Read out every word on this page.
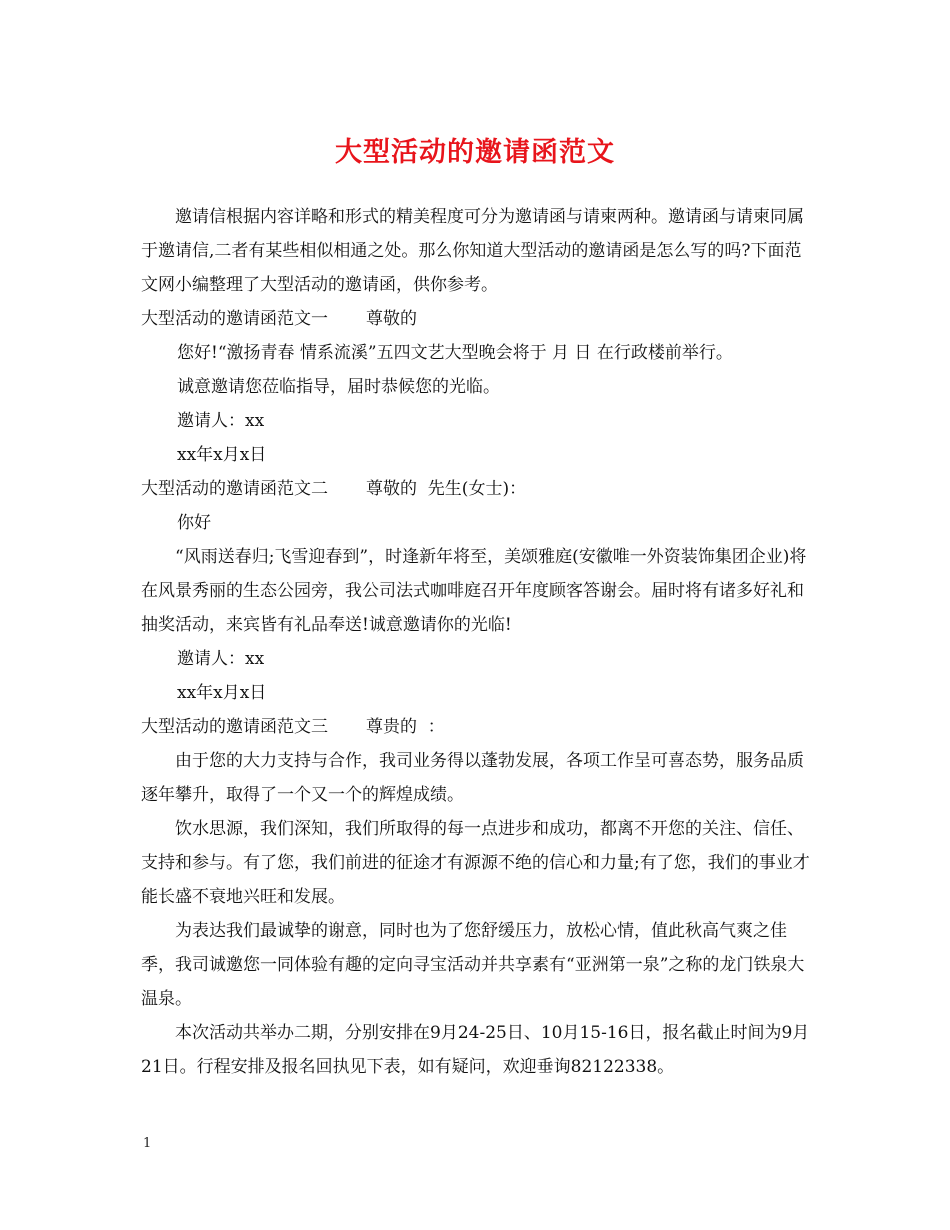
大型活动的邀请函范文

邀请信根据内容详略和形式的精美程度可分为邀请函与请柬两种。邀请函与请柬同属于邀请信,二者有某些相似相通之处。那么你知道大型活动的邀请函是怎么写的吗?下面范文网小编整理了大型活动的邀请函，供你参考。

大型活动的邀请函范文一 尊敬的

您好!“激扬青春 情系流溪”五四文艺大型晚会将于 月 日 在行政楼前举行。

诚意邀请您莅临指导，届时恭候您的光临。

邀请人：xx

xx年x月x日

大型活动的邀请函范文二 尊敬的  先生(女士)：

你好

“风雨送春归;飞雪迎春到”，时逢新年将至，美颂雅庭(安徽唯一外资装饰集团企业)将在风景秀丽的生态公园旁，我公司法式咖啡庭召开年度顾客答谢会。届时将有诸多好礼和抽奖活动，来宾皆有礼品奉送!诚意邀请你的光临!

邀请人：xx

xx年x月x日

大型活动的邀请函范文三 尊贵的  ：

由于您的大力支持与合作，我司业务得以蓬勃发展，各项工作呈可喜态势，服务品质逐年攀升，取得了一个又一个的辉煌成绩。

饮水思源，我们深知，我们所取得的每一点进步和成功，都离不开您的关注、信任、支持和参与。有了您，我们前进的征途才有源源不绝的信心和力量;有了您，我们的事业才能长盛不衰地兴旺和发展。

为表达我们最诚挚的谢意，同时也为了您舒缓压力，放松心情，值此秋高气爽之佳季，我司诚邀您一同体验有趣的定向寻宝活动并共享素有“亚洲第一泉”之称的龙门铁泉大温泉。

本次活动共举办二期，分别安排在9月24-25日、10月15-16日，报名截止时间为9月21日。行程安排及报名回执见下表，如有疑问，欢迎垂询82122338。

1
